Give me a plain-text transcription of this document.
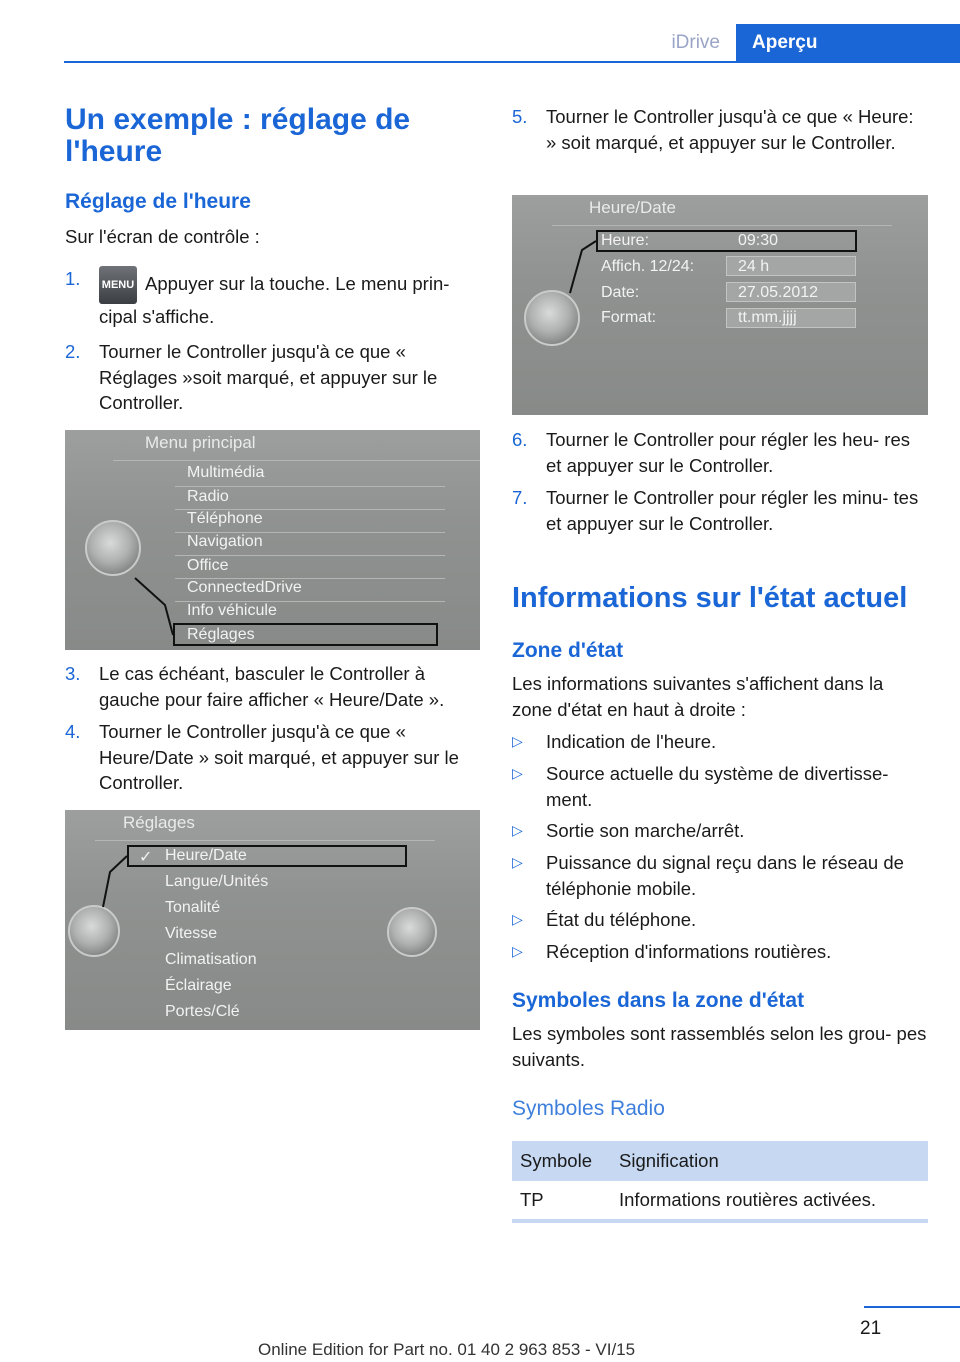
iDrive	Aperçu
Un exemple : réglage de l'heure
Réglage de l'heure
Sur l'écran de contrôle :
1.	MENU Appuyer sur la touche. Le menu prin‐ cipal s'affiche.
2.	Tourner le Controller jusqu'à ce que « Réglages »soit marqué, et appuyer sur le Controller.
Menu principal
Multimédia
Radio
Téléphone
Navigation
Office
ConnectedDrive
Info véhicule
Réglages
3.	Le cas échéant, basculer le Controller à gauche pour faire afficher « Heure/Date ».
4.	Tourner le Controller jusqu'à ce que « Heure/Date » soit marqué, et appuyer sur le Controller.
Réglages
✓ Heure/Date
Langue/Unités
Tonalité
Vitesse
Climatisation
Éclairage
Portes/Clé
5.	Tourner le Controller jusqu'à ce que « Heure: » soit marqué, et appuyer sur le Controller.
Heure/Date
Heure:	09:30
Affich. 12/24:	24 h
Date:	27.05.2012
Format:	tt.mm.jjjj
6.	Tourner le Controller pour régler les heu‐ res et appuyer sur le Controller.
7.	Tourner le Controller pour régler les minu‐ tes et appuyer sur le Controller.
Informations sur l'état actuel
Zone d'état
Les informations suivantes s'affichent dans la zone d'état en haut à droite :
▷	Indication de l'heure.
▷	Source actuelle du système de divertisse‐ ment.
▷	Sortie son marche/arrêt.
▷	Puissance du signal reçu dans le réseau de téléphonie mobile.
▷	État du téléphone.
▷	Réception d'informations routières.
Symboles dans la zone d'état
Les symboles sont rassemblés selon les grou‐ pes suivants.
Symboles Radio
Symbole	Signification
TP	Informations routières activées.
21
Online Edition for Part no. 01 40 2 963 853 - VI/15
